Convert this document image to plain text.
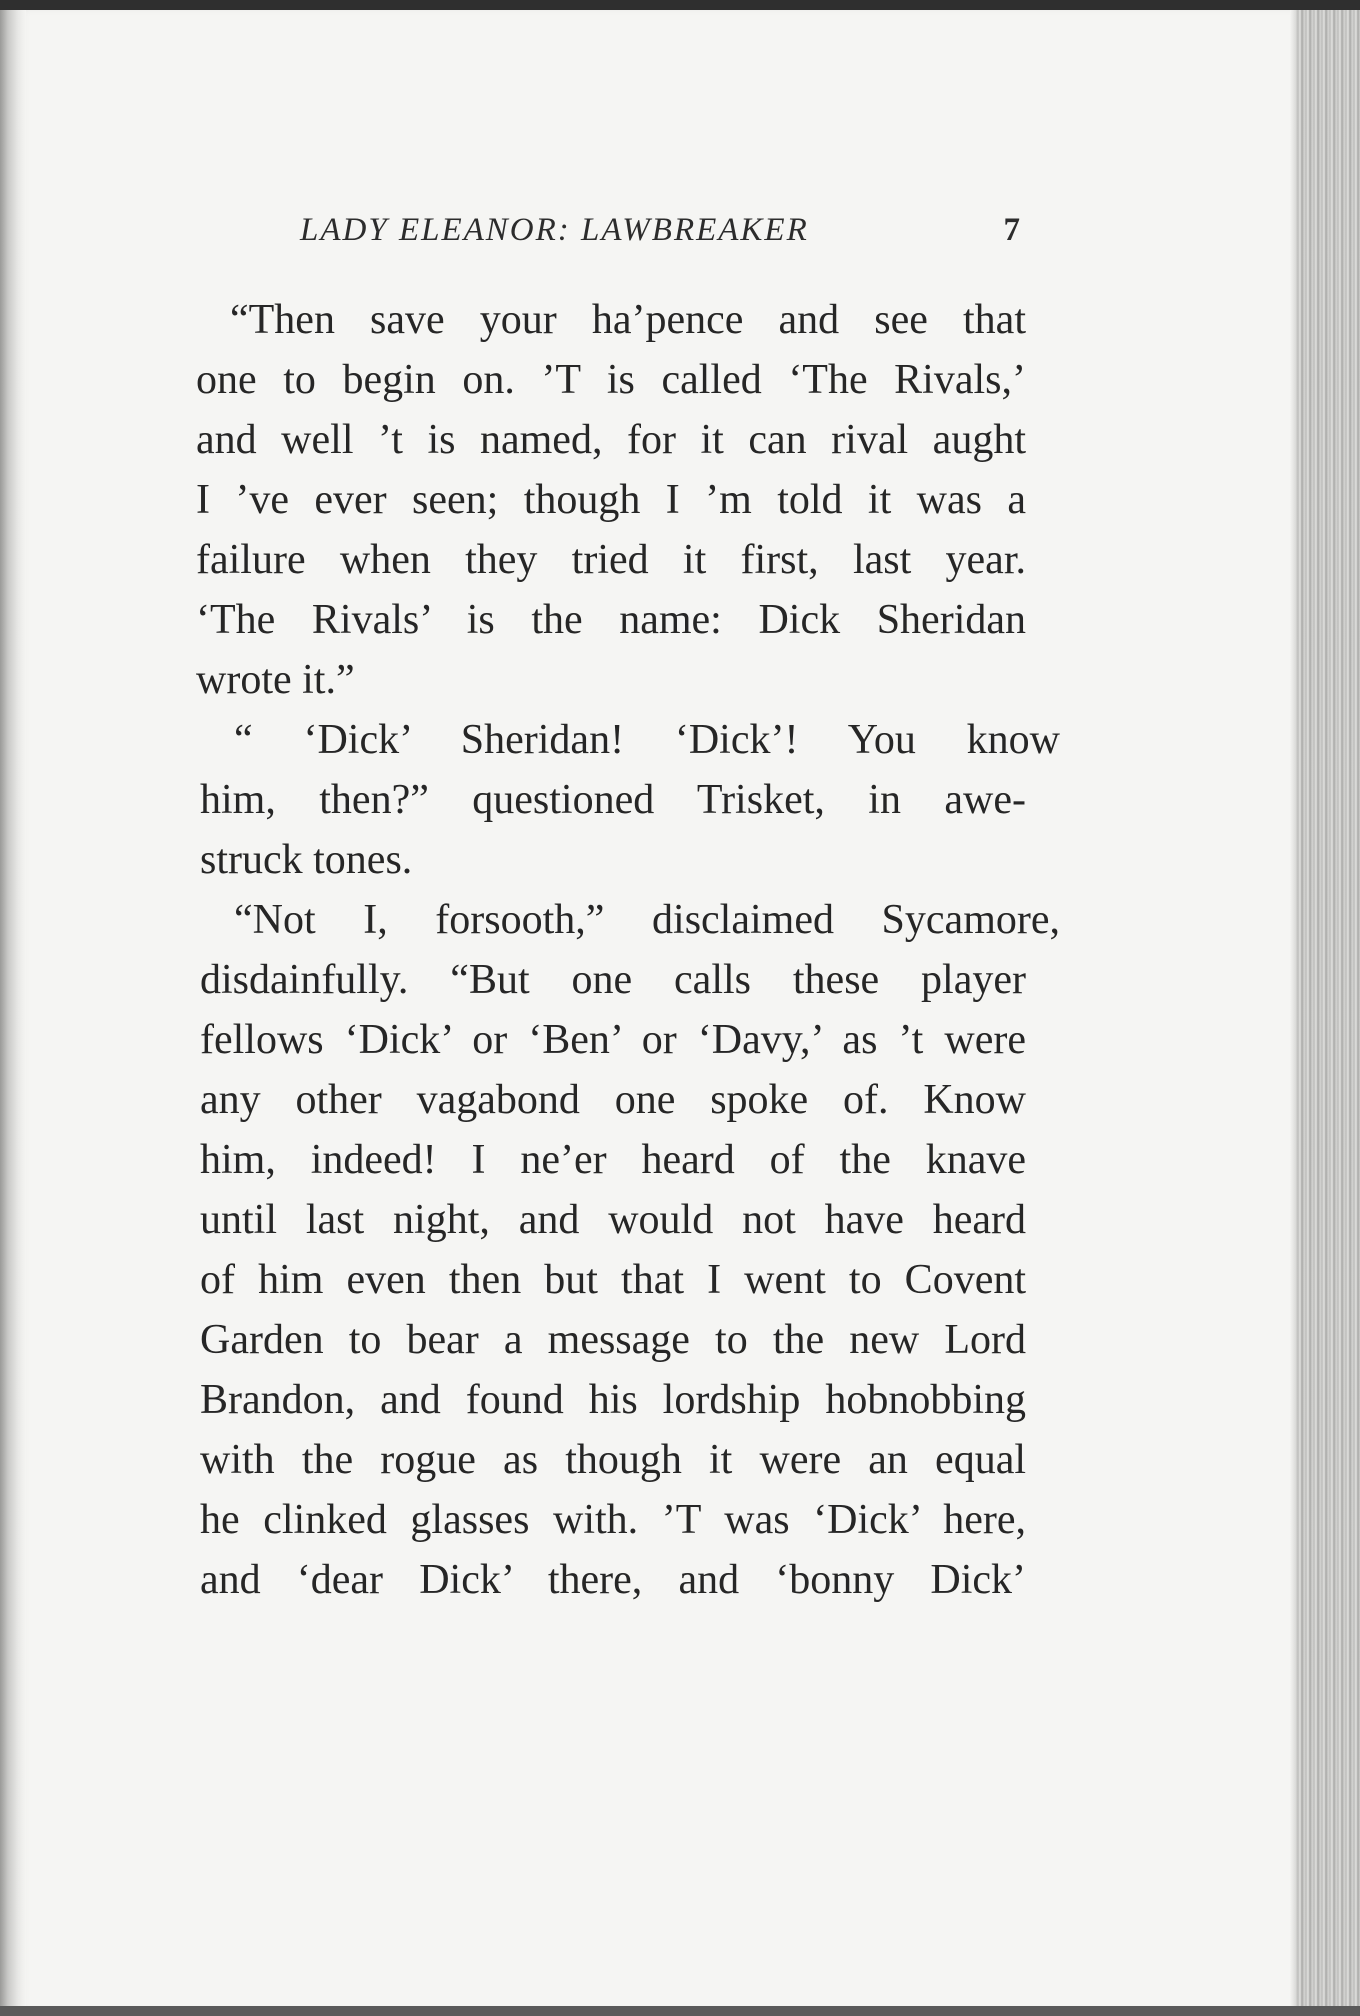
LADY ELEANOR: LAWBREAKER	7
“Then save your ha’pence and see that
one to begin on. ’T is called ‘The Rivals,’
and well ’t is named, for it can rival aught
I ’ve ever seen; though I ’m told it was a
failure when they tried it first, last year.
‘The Rivals’ is the name: Dick Sheridan
wrote it.”
“ ‘Dick’ Sheridan! ‘Dick’! You know
him, then?” questioned Trisket, in awe-
struck tones.
“Not I, forsooth,” disclaimed Sycamore,
disdainfully. “But one calls these player
fellows ‘Dick’ or ‘Ben’ or ‘Davy,’ as ’t were
any other vagabond one spoke of. Know
him, indeed! I ne’er heard of the knave
until last night, and would not have heard
of him even then but that I went to Covent
Garden to bear a message to the new Lord
Brandon, and found his lordship hobnobbing
with the rogue as though it were an equal
he clinked glasses with. ’T was ‘Dick’ here,
and ‘dear Dick’ there, and ‘bonny Dick’
